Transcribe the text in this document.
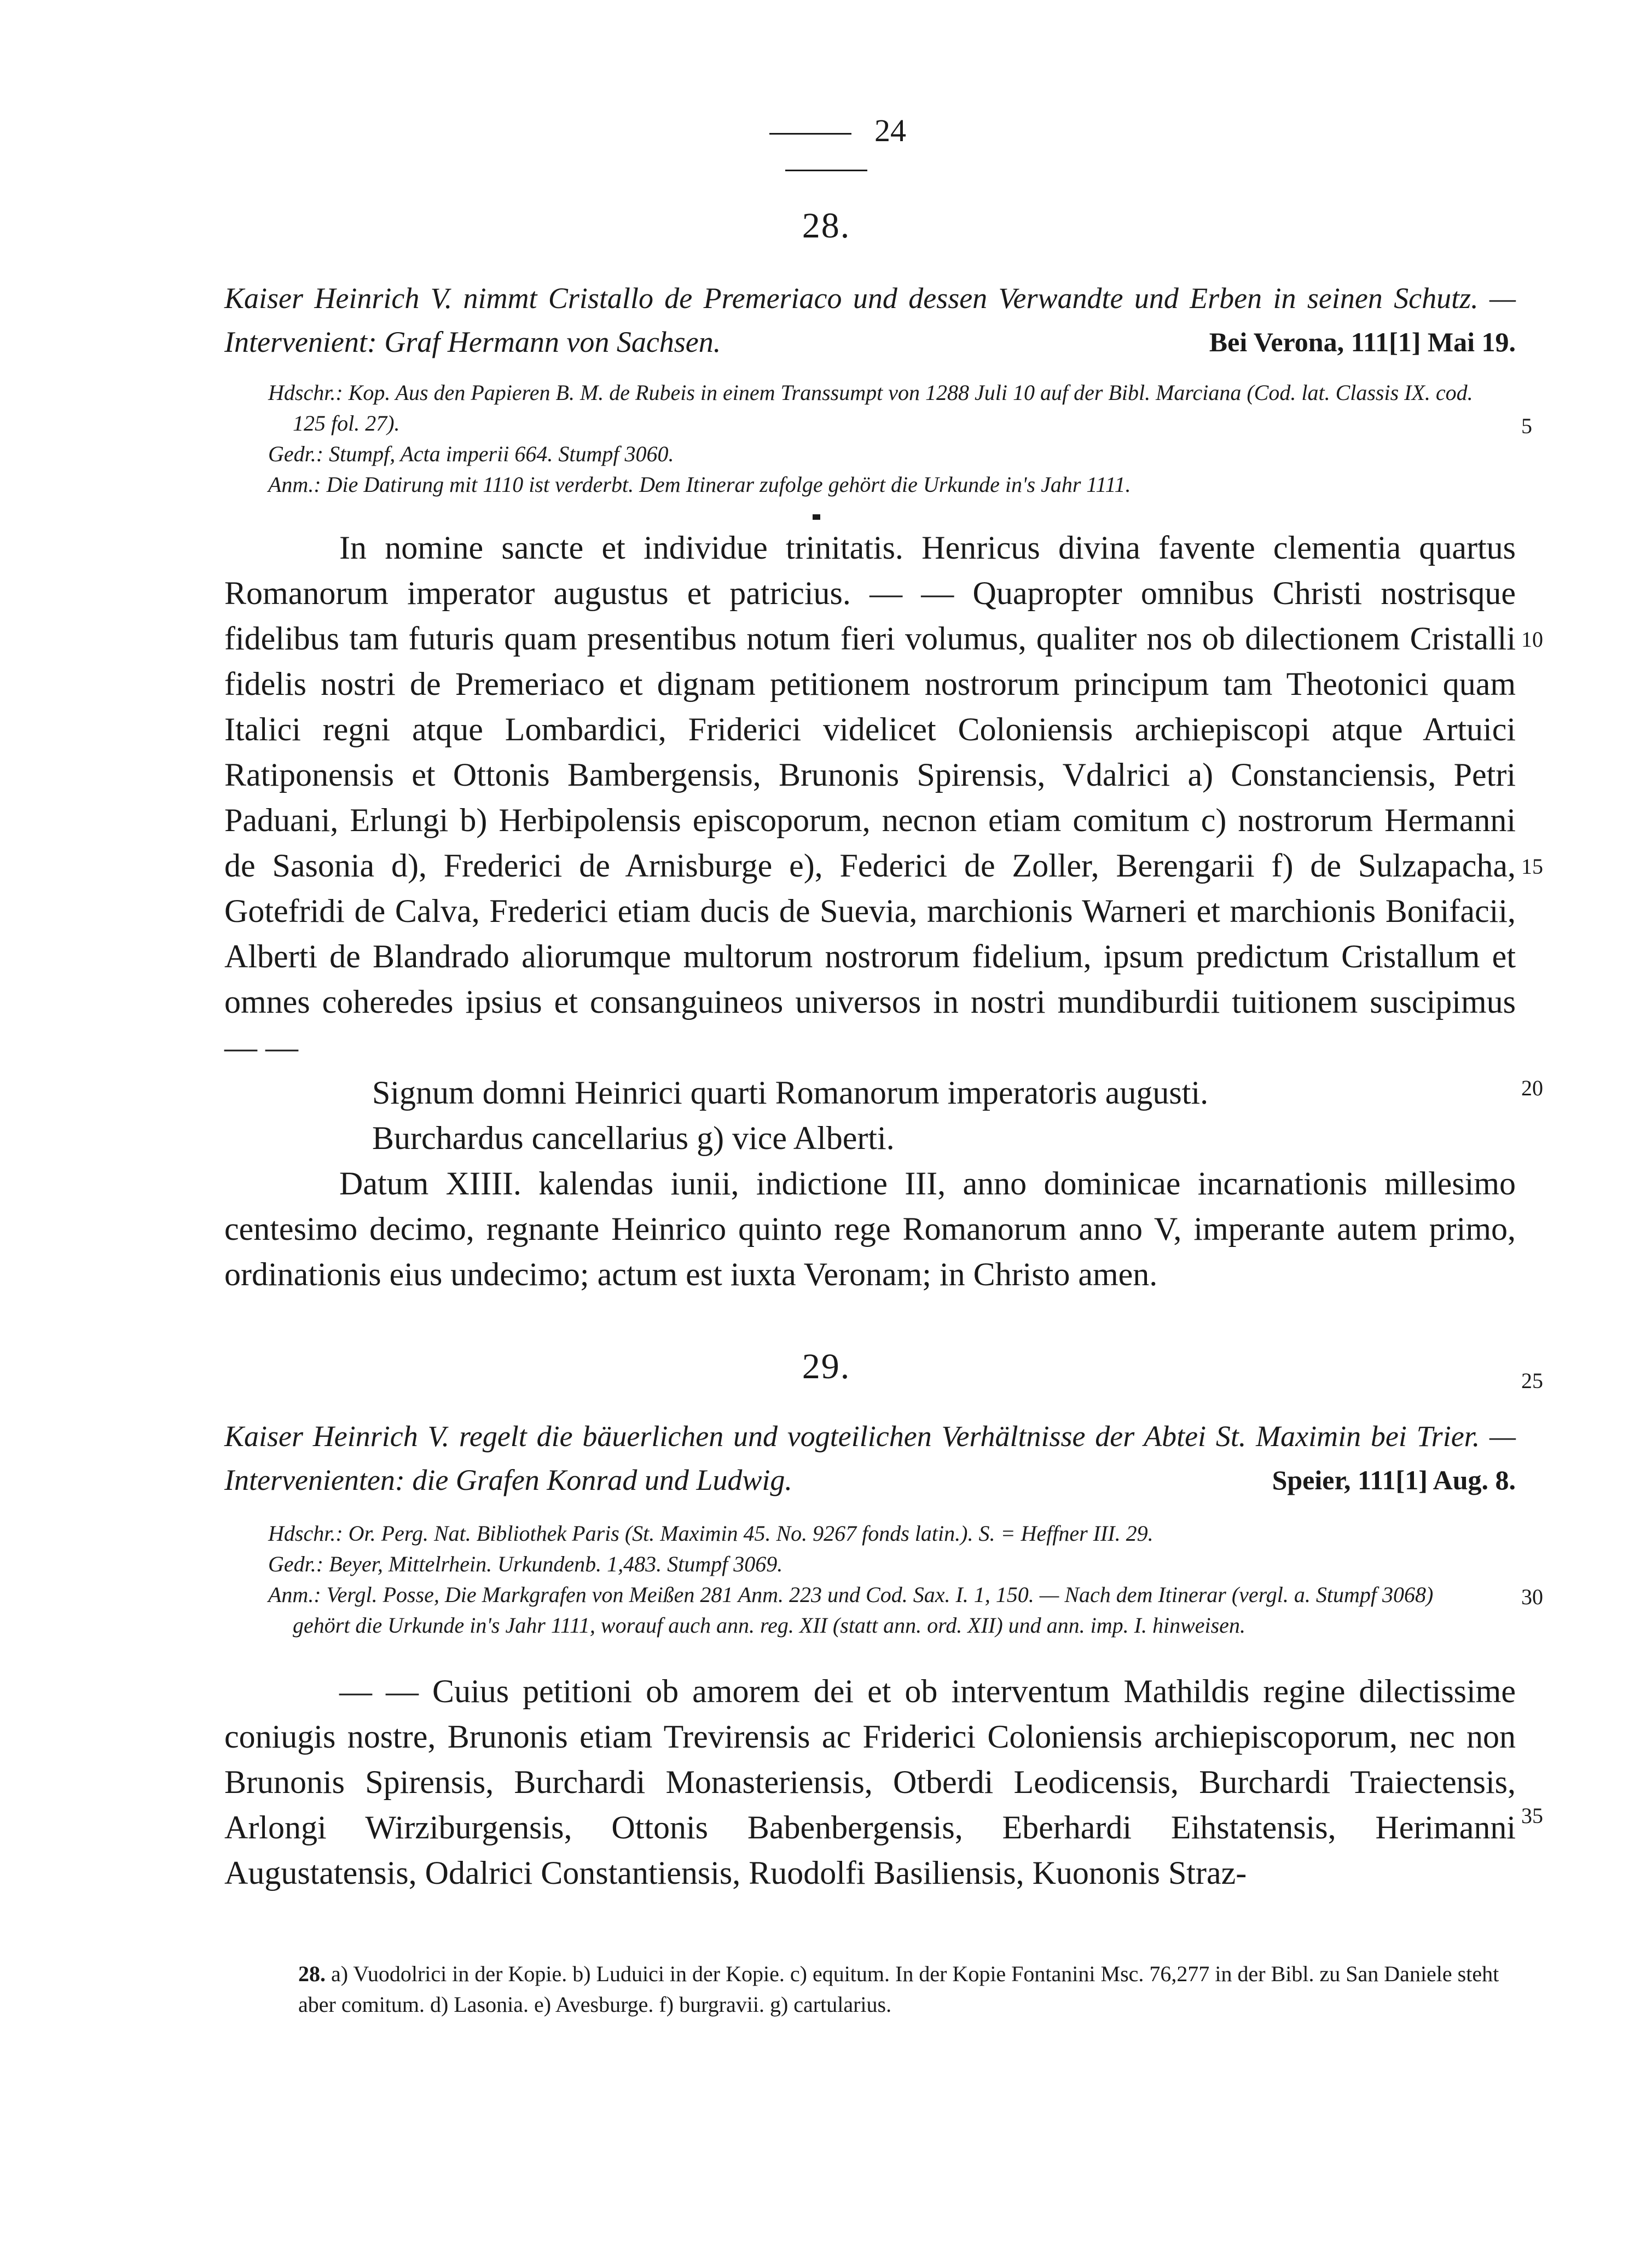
24
28.
Kaiser Heinrich V. nimmt Cristallo de Premeriaco und dessen Verwandte und Erben in seinen Schutz. — Intervenient: Graf Hermann von Sachsen.	Bei Verona, 111[1] Mai 19.
Hdschr.: Kop. Aus den Papieren B. M. de Rubeis in einem Transsumpt von 1288 Juli 10 auf der Bibl. Marciana (Cod. lat. Classis IX. cod. 125 fol. 27).
Gedr.: Stumpf, Acta imperii 664. Stumpf 3060.
Anm.: Die Datirung mit 1110 ist verderbt. Dem Itinerar zufolge gehört die Urkunde in's Jahr 1111.
In nomine sancte et individue trinitatis. Henricus divina favente clementia quartus Romanorum imperator augustus et patricius. — — Quapropter omnibus Christi nostrisque fidelibus tam futuris quam presentibus notum fieri volumus, qualiter nos ob dilectionem Cristalli fidelis nostri de Premeriaco et dignam petitionem nostrorum principum tam Theotonici quam Italici regni atque Lombardici, Friderici videlicet Coloniensis archiepiscopi atque Artuici Ratiponensis et Ottonis Bambergensis, Brunonis Spirensis, Vdalrici a) Constanciensis, Petri Paduani, Erlungi b) Herbipolensis episcoporum, necnon etiam comitum c) nostrorum Hermanni de Sasonia d), Frederici de Arnisburge e), Federici de Zoller, Berengarii f) de Sulzapacha, Gotefridi de Calva, Frederici etiam ducis de Suevia, marchionis Warneri et marchionis Bonifacii, Alberti de Blandrado aliorumque multorum nostrorum fidelium, ipsum predictum Cristallum et omnes coheredes ipsius et consanguineos universos in nostri mundiburdii tuitionem suscipimus — —
Signum domni Heinrici quarti Romanorum imperatoris augusti.
Burchardus cancellarius g) vice Alberti.
Datum XIIII. kalendas iunii, indictione III, anno dominicae incarnationis millesimo centesimo decimo, regnante Heinrico quinto rege Romanorum anno V, imperante autem primo, ordinationis eius undecimo; actum est iuxta Veronam; in Christo amen.
29.
Kaiser Heinrich V. regelt die bäuerlichen und vogteilichen Verhältnisse der Abtei St. Maximin bei Trier. — Intervenienten: die Grafen Konrad und Ludwig.	Speier, 111[1] Aug. 8.
Hdschr.: Or. Perg. Nat. Bibliothek Paris (St. Maximin 45. No. 9267 fonds latin.). S. = Heffner III. 29.
Gedr.: Beyer, Mittelrhein. Urkundenb. 1,483. Stumpf 3069.
Anm.: Vergl. Posse, Die Markgrafen von Meißen 281 Anm. 223 und Cod. Sax. I. 1, 150. — Nach dem Itinerar (vergl. a. Stumpf 3068) gehört die Urkunde in's Jahr 1111, worauf auch ann. reg. XII (statt ann. ord. XII) und ann. imp. I. hinweisen.
— — Cuius petitioni ob amorem dei et ob interventum Mathildis regine dilectissime coniugis nostre, Brunonis etiam Trevirensis ac Friderici Coloniensis archiepiscoporum, nec non Brunonis Spirensis, Burchardi Monasteriensis, Otberdi Leodicensis, Burchardi Traiectensis, Arlongi Wirziburgensis, Ottonis Babenbergensis, Eberhardi Eihstatensis, Herimanni Augustatensis, Odalrici Constantiensis, Ruodolfi Basiliensis, Kuononis Straz-
28. a) Vuodolrici in der Kopie. b) Luduici in der Kopie. c) equitum. In der Kopie Fontanini Msc. 76,277 in der Bibl. zu San Daniele steht aber comitum. d) Lasonia. e) Avesburge. f) burgravii. g) cartularius.
5
10
15
20
25
30
35
